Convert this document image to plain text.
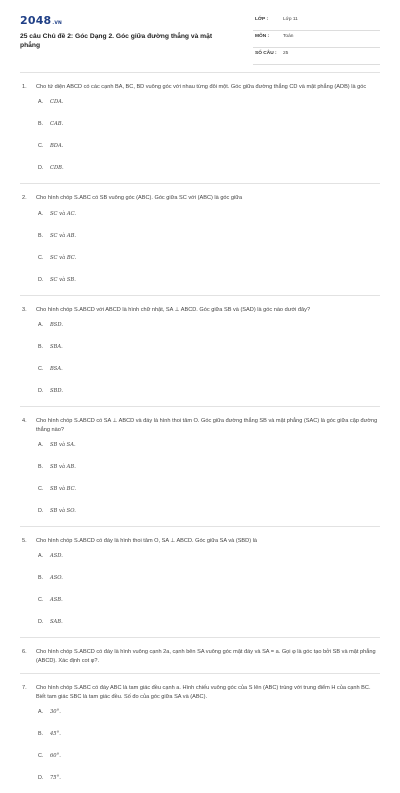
2048.VN
25 câu Chủ đề 2: Góc Dạng 2. Góc giữa đường thẳng và mặt phẳng
LỚP :	Lớp 11
MÔN :	Toán
SỐ CÂU : 25
1.	Cho tứ diện ABCD có các cạnh BA, BC, BD vuông góc với nhau từng đôi một. Góc giữa đường thẳng CD và mặt phẳng (ADB) là góc
A.	CDA.
B.	CAB.
C.	BDA.
D.	CDB.
2.	Cho hình chóp S.ABC có SB vuông góc (ABC). Góc giữa SC với (ABC) là góc giữa
A.	SC và AC.
B.	SC và AB.
C.	SC và BC.
D.	SC và SB.
3.	Cho hình chóp S.ABCD với ABCD là hình chữ nhật, SA ⊥ ABCD. Góc giữa SB và (SAD) là góc nào dưới đây?
A.	BSD.
B.	SBA.
C.	BSA.
D.	SBD.
4.	Cho hình chóp S.ABCD có SA ⊥ ABCD và đáy là hình thoi tâm O. Góc giữa đường thẳng SB và mặt phẳng (SAC) là góc giữa cặp đường thẳng nào?
A.	SB và SA.
B.	SB và AB.
C.	SB và BC.
D.	SB và SO.
5.	Cho hình chóp S.ABCD có đáy là hình thoi tâm O, SA ⊥ ABCD. Góc giữa SA và (SBD) là
A.	ASD.
B.	ASO.
C.	ASB.
D.	SAB.
6.	Cho hình chóp S.ABCD có đáy là hình vuông cạnh 2a, cạnh bên SA vuông góc mặt đáy và SA = a. Gọi φ là góc tạo bởi SB và mặt phẳng (ABCD). Xác định cot φ?.
7.	Cho hình chóp S.ABC có đáy ABC là tam giác đều cạnh a. Hình chiếu vuông góc của S lên (ABC) trùng với trung điểm H của cạnh BC. Biết tam giác SBC là tam giác đều. Số đo của góc giữa SA và (ABC).
A.	30°.
B.	45°.
C.	60°.
D.	75°.
